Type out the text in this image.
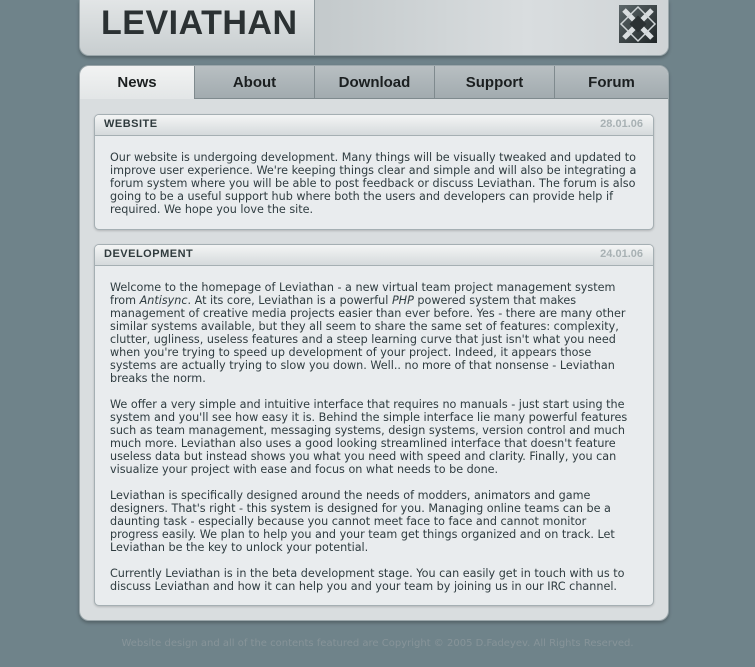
LEVIATHAN
News	About	Download	Support	Forum
WEBSITE	28.01.06

Our website is undergoing development. Many things will be visually tweaked and updated to improve user experience. We're keeping things clear and simple and will also be integrating a forum system where you will be able to post feedback or discuss Leviathan. The forum is also going to be a useful support hub where both the users and developers can provide help if required. We hope you love the site.

DEVELOPMENT	24.01.06

Welcome to the homepage of Leviathan - a new virtual team project management system from Antisync. At its core, Leviathan is a powerful PHP powered system that makes management of creative media projects easier than ever before. Yes - there are many other similar systems available, but they all seem to share the same set of features: complexity, clutter, ugliness, useless features and a steep learning curve that just isn't what you need when you're trying to speed up development of your project. Indeed, it appears those systems are actually trying to slow you down. Well.. no more of that nonsense - Leviathan breaks the norm.

We offer a very simple and intuitive interface that requires no manuals - just start using the system and you'll see how easy it is. Behind the simple interface lie many powerful features such as team management, messaging systems, design systems, version control and much much more. Leviathan also uses a good looking streamlined interface that doesn't feature useless data but instead shows you what you need with speed and clarity. Finally, you can visualize your project with ease and focus on what needs to be done.

Leviathan is specifically designed around the needs of modders, animators and game designers. That's right - this system is designed for you. Managing online teams can be a daunting task - especially because you cannot meet face to face and cannot monitor progress easily. We plan to help you and your team get things organized and on track. Let Leviathan be the key to unlock your potential.

Currently Leviathan is in the beta development stage. You can easily get in touch with us to discuss Leviathan and how it can help you and your team by joining us in our IRC channel.

Website design and all of the contents featured are Copyright © 2005 D.Fadeyev. All Rights Reserved.
